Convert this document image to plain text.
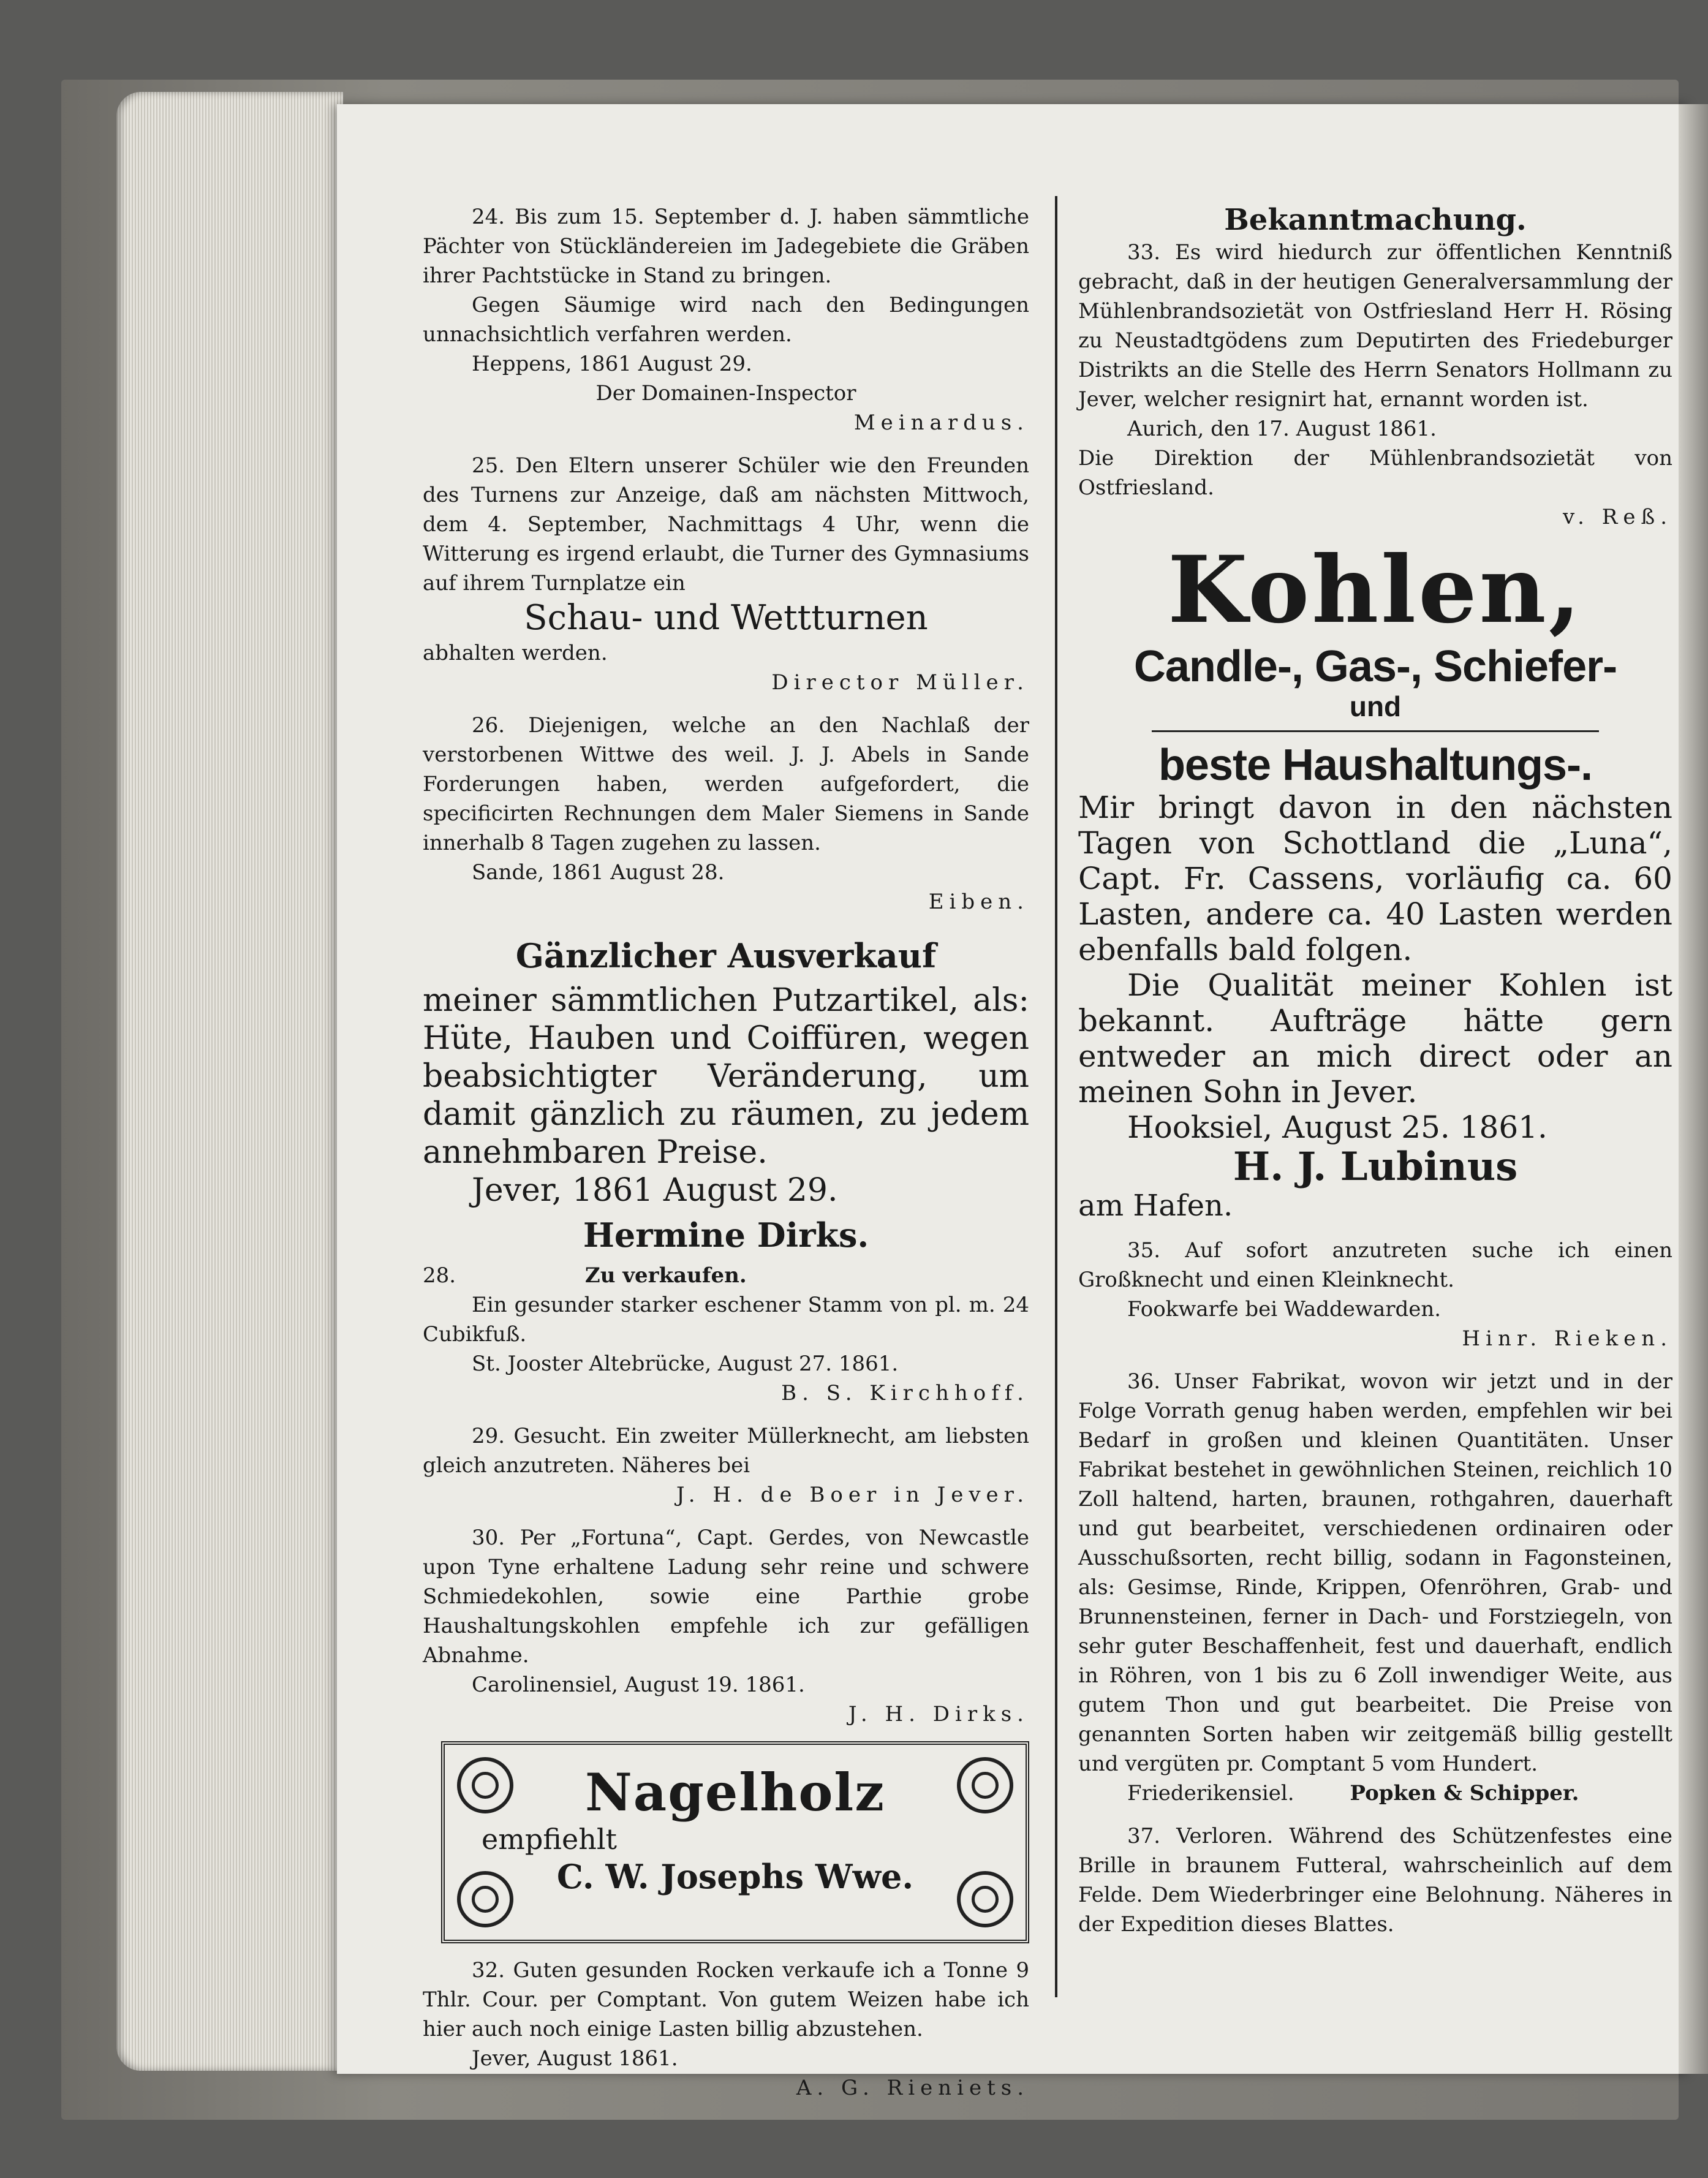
24. Bis zum 15. September d. J. haben sämmtliche Pächter von Stückländereien im Jadegebiete die Gräben ihrer Pachtstücke in Stand zu bringen.

Gegen Säumige wird nach den Bedingungen unnachsichtlich verfahren werden.

Heppens, 1861 August 29.

Der Domainen-Inspector

Meinardus.

25. Den Eltern unserer Schüler wie den Freunden des Turnens zur Anzeige, daß am nächsten Mittwoch, dem 4. September, Nachmittags 4 Uhr, wenn die Witterung es irgend erlaubt, die Turner des Gymnasiums auf ihrem Turnplatze ein

Schau- und Wettturnen

abhalten werden.

Director Müller.

26. Diejenigen, welche an den Nachlaß der verstorbenen Wittwe des weil. J. J. Abels in Sande Forderungen haben, werden aufgefordert, die specificirten Rechnungen dem Maler Siemens in Sande innerhalb 8 Tagen zugehen zu lassen.

Sande, 1861 August 28.

Eiben.

Gänzlicher Ausverkauf

meiner sämmtlichen Putzartikel, als: Hüte, Hauben und Coiffüren, wegen beabsichtigter Veränderung, um damit gänzlich zu räumen, zu jedem annehmbaren Preise.

Jever, 1861 August 29.

Hermine Dirks.

28.	Zu verkaufen.

Ein gesunder starker eschener Stamm von pl. m. 24 Cubikfuß.

St. Jooster Altebrücke, August 27. 1861.

B. S. Kirchhoff.

29. Gesucht. Ein zweiter Müllerknecht, am liebsten gleich anzutreten. Näheres bei

J. H. de Boer in Jever.

30. Per „Fortuna“, Capt. Gerdes, von Newcastle upon Tyne erhaltene Ladung sehr reine und schwere Schmiedekohlen, sowie eine Parthie grobe Haushaltungskohlen empfehle ich zur gefälligen Abnahme.

Carolinensiel, August 19. 1861.

J. H. Dirks.

Nagelholz

empfiehlt

C. W. Josephs Wwe.

32. Guten gesunden Rocken verkaufe ich a Tonne 9 Thlr. Cour. per Comptant. Von gutem Weizen habe ich hier auch noch einige Lasten billig abzustehen.

Jever, August 1861.

A. G. Rieniets.

Bekanntmachung.

33. Es wird hiedurch zur öffentlichen Kenntniß gebracht, daß in der heutigen Generalversammlung der Mühlenbrandsozietät von Ostfriesland Herr H. Rösing zu Neustadtgödens zum Deputirten des Friedeburger Distrikts an die Stelle des Herrn Senators Hollmann zu Jever, welcher resignirt hat, ernannt worden ist.

Aurich, den 17. August 1861.

Die Direktion der Mühlenbrandsozietät von Ostfriesland.

v. Reß.

Kohlen,

Candle-, Gas-, Schiefer-

und

beste Haushaltungs-.

Mir bringt davon in den nächsten Tagen von Schottland die „Luna“, Capt. Fr. Cassens, vorläufig ca. 60 Lasten, andere ca. 40 Lasten werden ebenfalls bald folgen.

Die Qualität meiner Kohlen ist bekannt. Aufträge hätte gern entweder an mich direct oder an meinen Sohn in Jever.

Hooksiel, August 25. 1861.

H. J. Lubinus

am Hafen.

35. Auf sofort anzutreten suche ich einen Großknecht und einen Kleinknecht.

Fookwarfe bei Waddewarden.

Hinr. Rieken.

36. Unser Fabrikat, wovon wir jetzt und in der Folge Vorrath genug haben werden, empfehlen wir bei Bedarf in großen und kleinen Quantitäten. Unser Fabrikat bestehet in gewöhnlichen Steinen, reichlich 10 Zoll haltend, harten, braunen, rothgahren, dauerhaft und gut bearbeitet, verschiedenen ordinairen oder Ausschußsorten, recht billig, sodann in Fagonsteinen, als: Gesimse, Rinde, Krippen, Ofenröhren, Grab- und Brunnensteinen, ferner in Dach- und Forstziegeln, von sehr guter Beschaffenheit, fest und dauerhaft, endlich in Röhren, von 1 bis zu 6 Zoll inwendiger Weite, aus gutem Thon und gut bearbeitet. Die Preise von genannten Sorten haben wir zeitgemäß billig gestellt und vergüten pr. Comptant 5 vom Hundert.

Friederikensiel.	Popken & Schipper.

37. Verloren. Während des Schützenfestes eine Brille in braunem Futteral, wahrscheinlich auf dem Felde. Dem Wiederbringer eine Belohnung. Näheres in der Expedition dieses Blattes.
